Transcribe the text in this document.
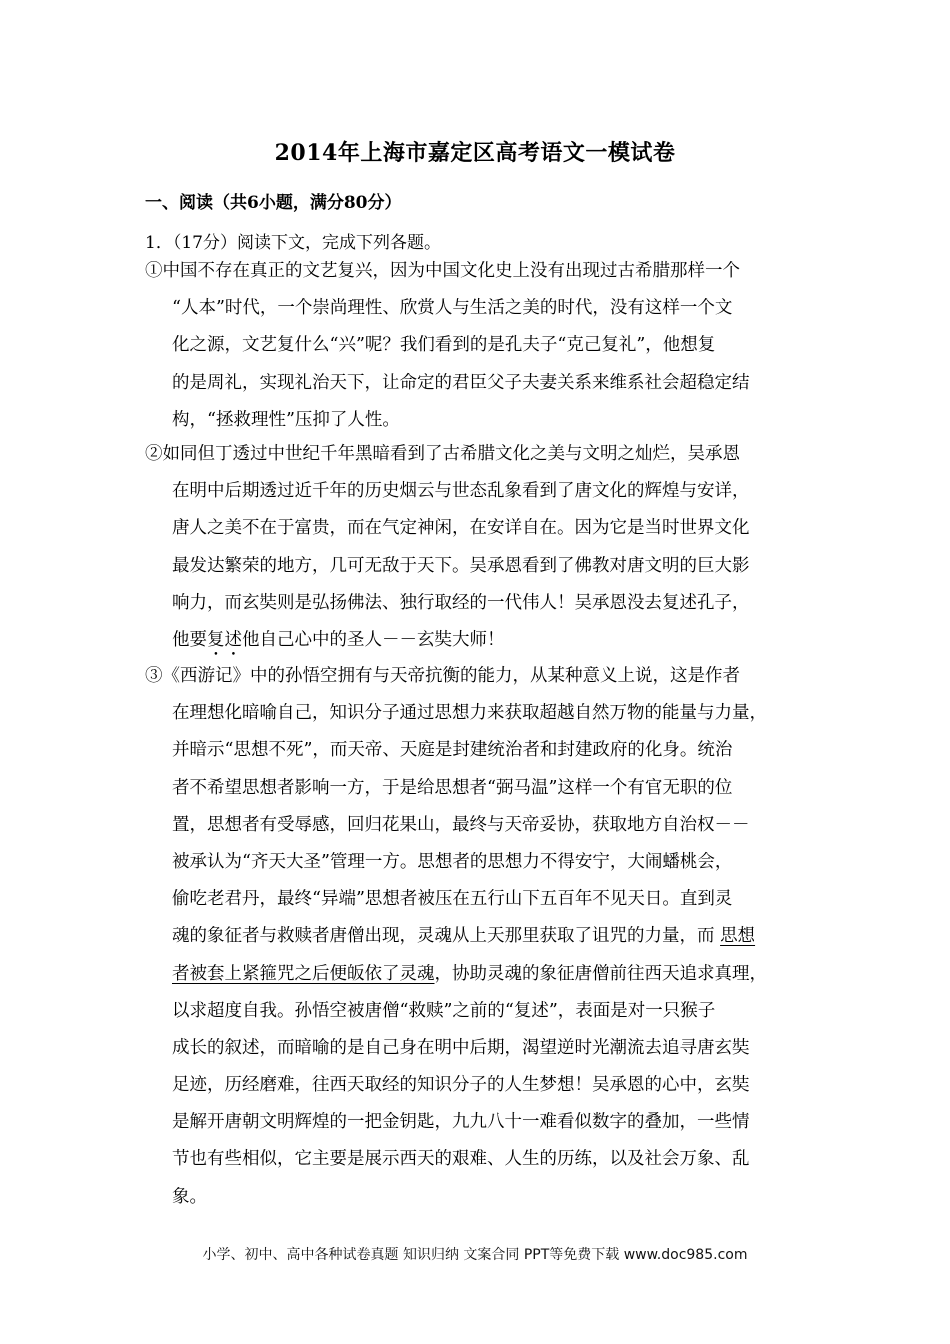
2014年上海市嘉定区高考语文一模试卷
一、阅读（共6小题，满分80分）
1．（17分）阅读下文，完成下列各题。
①中国不存在真正的文艺复兴，因为中国文化史上没有出现过古希腊那样一个
“人本”时代，一个崇尚理性、欣赏人与生活之美的时代，没有这样一个文
化之源，文艺复什么“兴”呢？我们看到的是孔夫子“克己复礼”，他想复
的是周礼，实现礼治天下，让命定的君臣父子夫妻关系来维系社会超稳定结
构，“拯救理性”压抑了人性。
②如同但丁透过中世纪千年黑暗看到了古希腊文化之美与文明之灿烂，吴承恩
在明中后期透过近千年的历史烟云与世态乱象看到了唐文化的辉煌与安详，
唐人之美不在于富贵，而在气定神闲，在安详自在。因为它是当时世界文化
最发达繁荣的地方，几可无敌于天下。吴承恩看到了佛教对唐文明的巨大影
响力，而玄奘则是弘扬佛法、独行取经的一代伟人！吴承恩没去复述孔子，
他要复述他自己心中的圣人－－玄奘大师！
③《西游记》中的孙悟空拥有与天帝抗衡的能力，从某种意义上说，这是作者
在理想化暗喻自己，知识分子通过思想力来获取超越自然万物的能量与力量，
并暗示“思想不死”，而天帝、天庭是封建统治者和封建政府的化身。统治
者不希望思想者影响一方，于是给思想者“弼马温”这样一个有官无职的位
置，思想者有受辱感，回归花果山，最终与天帝妥协，获取地方自治权－－
被承认为“齐天大圣”管理一方。思想者的思想力不得安宁，大闹蟠桃会，
偷吃老君丹，最终“异端”思想者被压在五行山下五百年不见天日。直到灵
魂的象征者与救赎者唐僧出现，灵魂从上天那里获取了诅咒的力量，而 思想
者被套上紧箍咒之后便皈依了灵魂，协助灵魂的象征唐僧前往西天追求真理，
以求超度自我。孙悟空被唐僧“救赎”之前的“复述”，表面是对一只猴子
成长的叙述，而暗喻的是自己身在明中后期，渴望逆时光潮流去追寻唐玄奘
足迹，历经磨难，往西天取经的知识分子的人生梦想！吴承恩的心中，玄奘
是解开唐朝文明辉煌的一把金钥匙，九九八十一难看似数字的叠加，一些情
节也有些相似，它主要是展示西天的艰难、人生的历练，以及社会万象、乱
象。
小学、初中、高中各种试卷真题 知识归纳 文案合同 PPT等免费下载 www.doc985.com
